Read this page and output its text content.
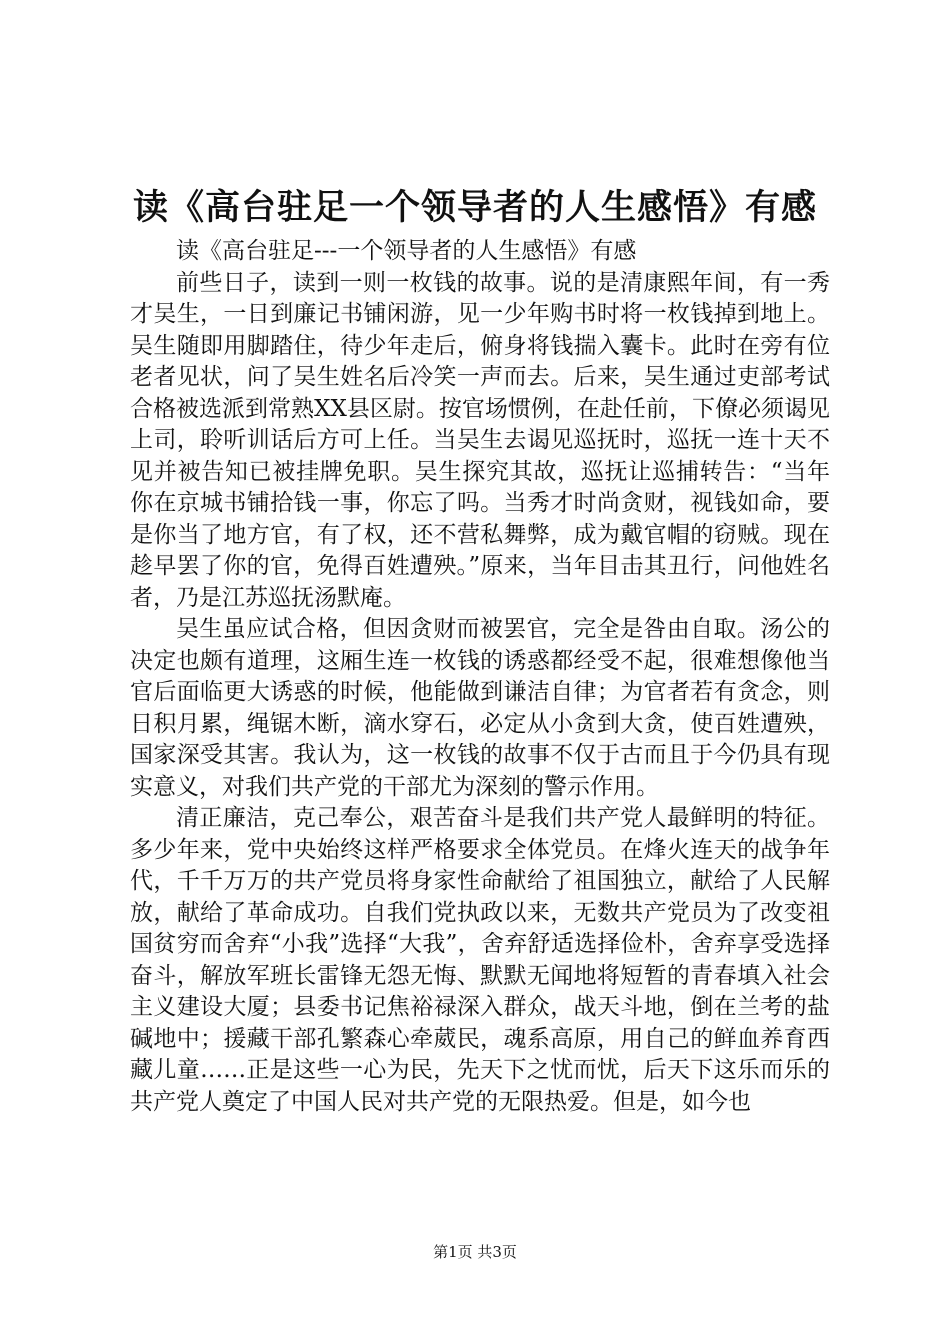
读《高台驻足一个领导者的人生感悟》有感

读《高台驻足---一个领导者的人生感悟》有感

前些日子，读到一则一枚钱的故事。说的是清康熙年间，有一秀才吴生，一日到廉记书铺闲游，见一少年购书时将一枚钱掉到地上。吴生随即用脚踏住，待少年走后，俯身将钱揣入囊卡。此时在旁有位老者见状，问了吴生姓名后冷笑一声而去。后来，吴生通过吏部考试合格被选派到常熟XX县区尉。按官场惯例，在赴任前，下僚必须谒见上司，聆听训话后方可上任。当吴生去谒见巡抚时，巡抚一连十天不见并被告知已被挂牌免职。吴生探究其故，巡抚让巡捕转告：“当年你在京城书铺拾钱一事，你忘了吗。当秀才时尚贪财，视钱如命，要是你当了地方官，有了权，还不营私舞弊，成为戴官帽的窃贼。现在趁早罢了你的官，免得百姓遭殃。”原来，当年目击其丑行，问他姓名者，乃是江苏巡抚汤默庵。

吴生虽应试合格，但因贪财而被罢官，完全是咎由自取。汤公的决定也颇有道理，这厢生连一枚钱的诱惑都经受不起，很难想像他当官后面临更大诱惑的时候，他能做到谦洁自律；为官者若有贪念，则日积月累，绳锯木断，滴水穿石，必定从小贪到大贪，使百姓遭殃，国家深受其害。我认为，这一枚钱的故事不仅于古而且于今仍具有现实意义，对我们共产党的干部尤为深刻的警示作用。

清正廉洁，克己奉公，艰苦奋斗是我们共产党人最鲜明的特征。多少年来，党中央始终这样严格要求全体党员。在烽火连天的战争年代，千千万万的共产党员将身家性命献给了祖国独立，献给了人民解放，献给了革命成功。自我们党执政以来，无数共产党员为了改变祖国贫穷而舍弃“小我”选择“大我”，舍弃舒适选择俭朴，舍弃享受选择奋斗，解放军班长雷锋无怨无悔、默默无闻地将短暂的青春填入社会主义建设大厦；县委书记焦裕禄深入群众，战天斗地，倒在兰考的盐碱地中；援藏干部孔繁森心牵葳民，魂系高原，用自己的鲜血养育西藏儿童……正是这些一心为民，先天下之忧而忧，后天下这乐而乐的共产党人奠定了中国人民对共产党的无限热爱。但是，如今也

第1页 共3页
